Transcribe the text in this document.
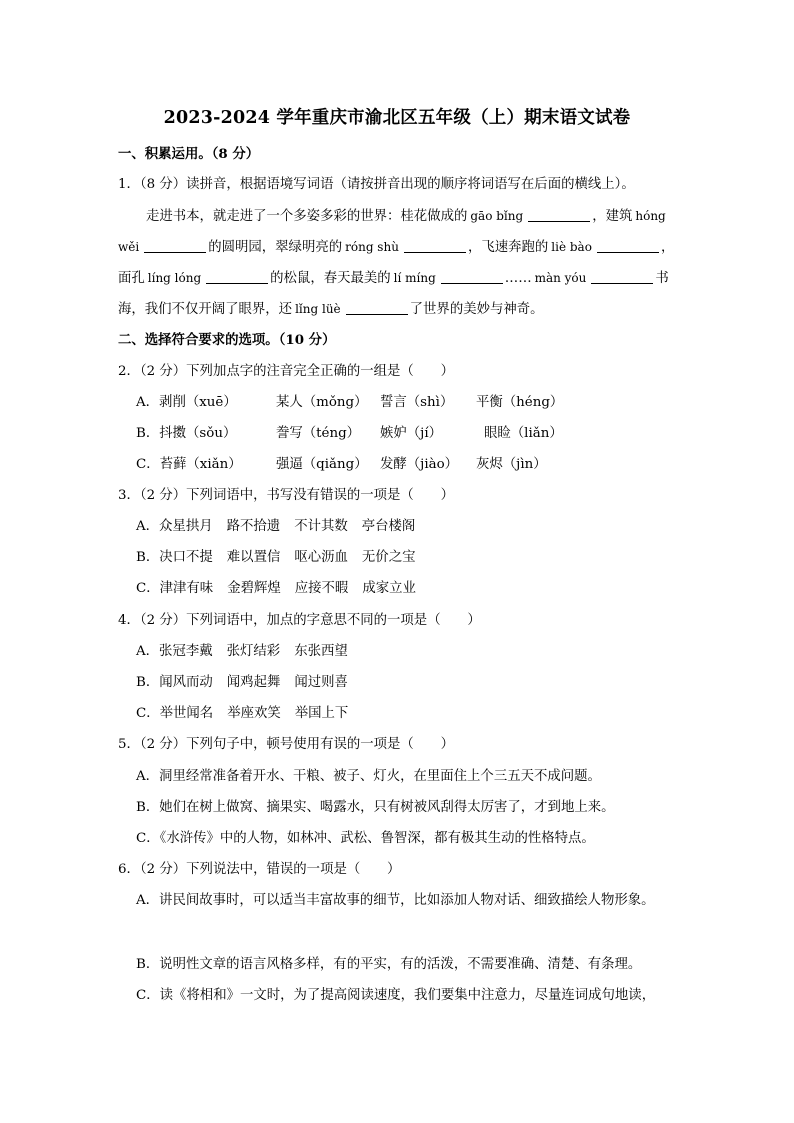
2023-2024 学年重庆市渝北区五年级（上）期末语文试卷
一、积累运用。（8 分）
1．（8 分）读拼音，根据语境写词语（请按拼音出现的顺序将词语写在后面的横线上）。
走进书本，就走进了一个多姿多彩的世界：桂花做成的 gāo bǐng	，建筑 hóng
wěi	的圆明园，翠绿明亮的 róng shù	，飞速奔跑的 liè bào	，
面孔 líng lóng	的松鼠，春天最美的 lí míng	…… màn yóu	书
海，我们不仅开阔了眼界，还 lǐng lüè	了世界的美妙与神奇。
二、选择符合要求的选项。（10 分）
2．（2 分）下列加点字的注音完全正确的一组是（　　）
A．剥削（xuē）	某人（mǒng） 誓言（shì） 平衡（héng）
B．抖擞（sǒu）	誊写（téng） 嫉妒（jí）	眼睑（liǎn）
C．苔藓（xiǎn）	强逼（qiǎng） 发酵（jiào） 灰烬（jìn）
3．（2 分）下列词语中，书写没有错误的一项是（　　）
A．众星拱月 路不拾遗 不计其数 亭台楼阁
B．决口不提 难以置信 呕心沥血 无价之宝
C．津津有味 金碧辉煌 应接不暇 成家立业
4．（2 分）下列词语中，加点的字意思不同的一项是（　　）
A．张冠李戴 张灯结彩 东张西望
B．闻风而动 闻鸡起舞 闻过则喜
C．举世闻名 举座欢笑 举国上下
5．（2 分）下列句子中，顿号使用有误的一项是（　　）
A．洞里经常准备着开水、干粮、被子、灯火，在里面住上个三五天不成问题。
B．她们在树上做窝、摘果实、喝露水，只有树被风刮得太厉害了，才到地上来。
C．《水浒传》中的人物，如林冲、武松、鲁智深，都有极其生动的性格特点。
6．（2 分）下列说法中，错误的一项是（　　）
A．讲民间故事时，可以适当丰富故事的细节，比如添加人物对话、细致描绘人物形象。
B．说明性文章的语言风格多样，有的平实，有的活泼，不需要准确、清楚、有条理。
C．读《将相和》一文时，为了提高阅读速度，我们要集中注意力，尽量连词成句地读，
